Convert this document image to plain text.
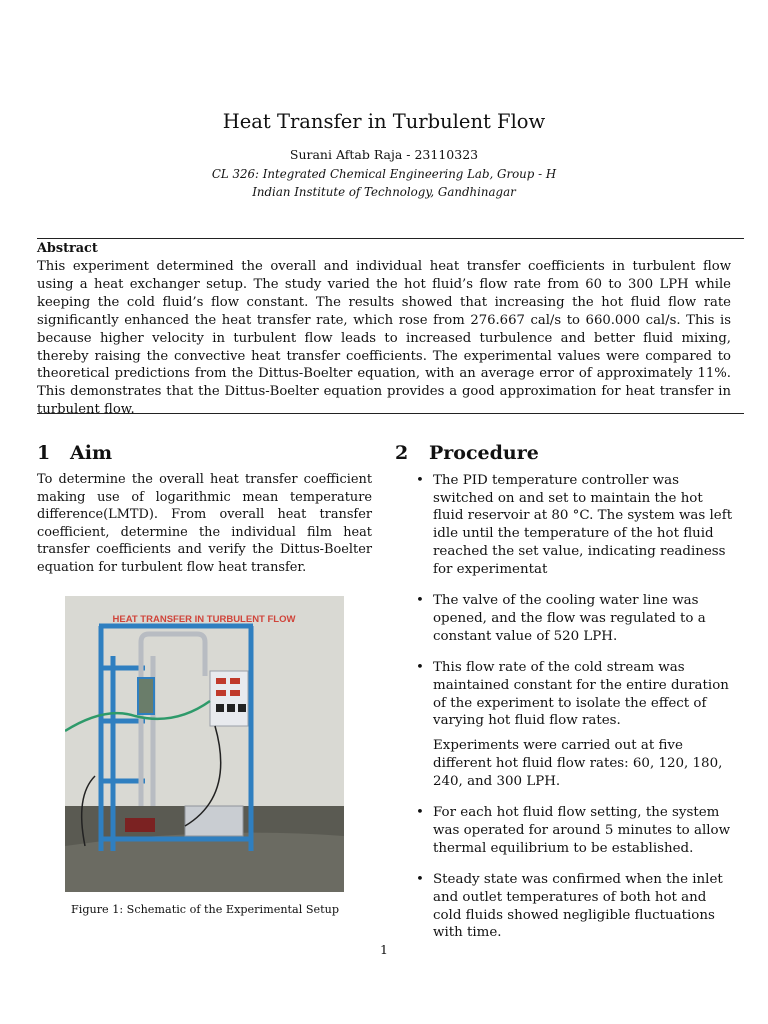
Heat Transfer in Turbulent Flow
Surani Aftab Raja - 23110323
CL 326: Integrated Chemical Engineering Lab, Group - H
Indian Institute of Technology, Gandhinagar
Abstract
This experiment determined the overall and individual heat transfer coefficients in turbulent flow using a heat exchanger setup. The study varied the hot fluid’s flow rate from 60 to 300 LPH while keeping the cold fluid’s flow constant. The results showed that increasing the hot fluid flow rate significantly enhanced the heat transfer rate, which rose from 276.667 cal/s to 660.000 cal/s. This is because higher velocity in turbulent flow leads to increased turbulence and better fluid mixing, thereby raising the convective heat transfer coefficients. The experimental values were compared to theoretical predictions from the Dittus-Boelter equation, with an average error of approximately 11%. This demonstrates that the Dittus-Boelter equation provides a good approximation for heat transfer in turbulent flow.
1 Aim
To determine the overall heat transfer coefficient making use of logarithmic mean temperature difference(LMTD). From overall heat transfer coefficient, determine the individual film heat transfer coefficients and verify the Dittus-Boelter equation for turbulent flow heat transfer.
HEAT TRANSFER IN TURBULENT FLOW
Figure 1: Schematic of the Experimental Setup
2 Procedure
• The PID temperature controller was switched on and set to maintain the hot fluid reservoir at 80 °C. The system was left idle until the temperature of the hot fluid reached the set value, indicating readiness for experimentat
• The valve of the cooling water line was opened, and the flow was regulated to a constant value of 520 LPH.
• This flow rate of the cold stream was maintained constant for the entire duration of the experiment to isolate the effect of varying hot fluid flow rates.
Experiments were carried out at five different hot fluid flow rates: 60, 120, 180, 240, and 300 LPH.
• For each hot fluid flow setting, the system was operated for around 5 minutes to allow thermal equilibrium to be established.
• Steady state was confirmed when the inlet and outlet temperatures of both hot and cold fluids showed negligible fluctuations with time.
1
